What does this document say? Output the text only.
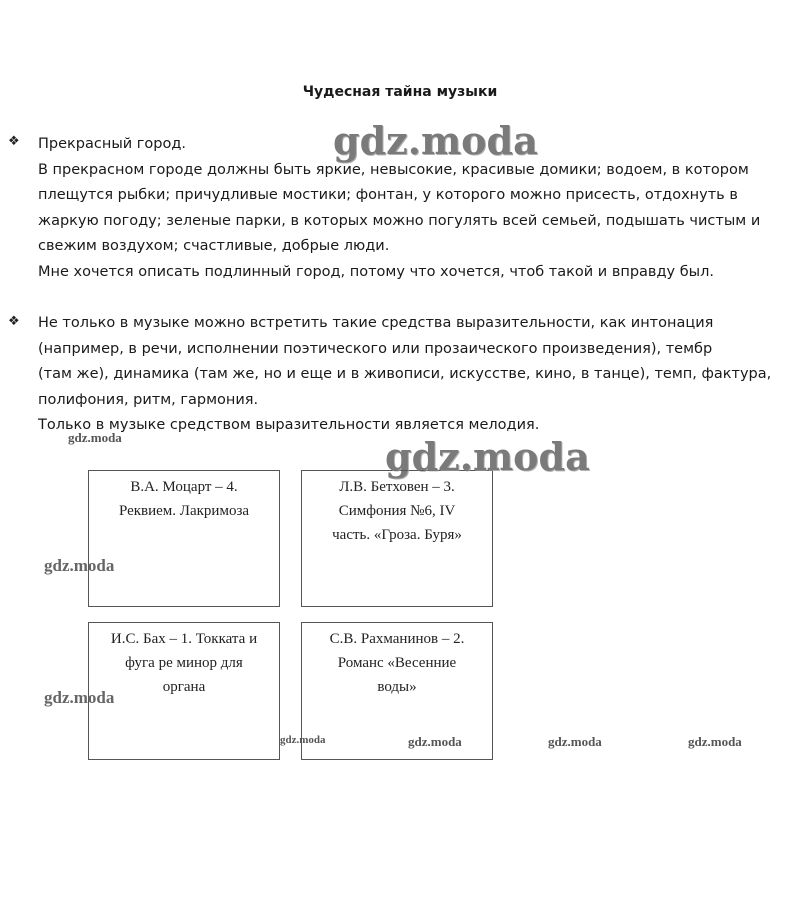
Чудесная тайна музыки
❖ Прекрасный город.
В прекрасном городе должны быть яркие, невысокие, красивые домики; водоем, в котором
плещутся рыбки; причудливые мостики; фонтан, у которого можно присесть, отдохнуть в
жаркую погоду; зеленые парки, в которых можно погулять всей семьей, подышать чистым и
свежим воздухом; счастливые, добрые люди.
Мне хочется описать подлинный город, потому что хочется, чтоб такой и вправду был.
❖ Не только в музыке можно встретить такие средства выразительности, как интонация
(например, в речи, исполнении поэтического или прозаического произведения), тембр
(там же), динамика (там же, но и еще и в живописи, искусстве, кино, в танце), темп, фактура,
полифония, ритм, гармония.
Только в музыке средством выразительности является мелодия.
В.А. Моцарт – 4.
Реквием. Лакримоза
Л.В. Бетховен – 3.
Симфония №6, IV
часть. «Гроза. Буря»
И.С. Бах – 1. Токката и
фуга ре минор для
органа
С.В. Рахманинов – 2.
Романс «Весенние
воды»
gdz.moda
gdz.moda
gdz.moda
gdz.moda
gdz.moda
gdz.moda	gdz.moda	gdz.moda	gdz.moda
